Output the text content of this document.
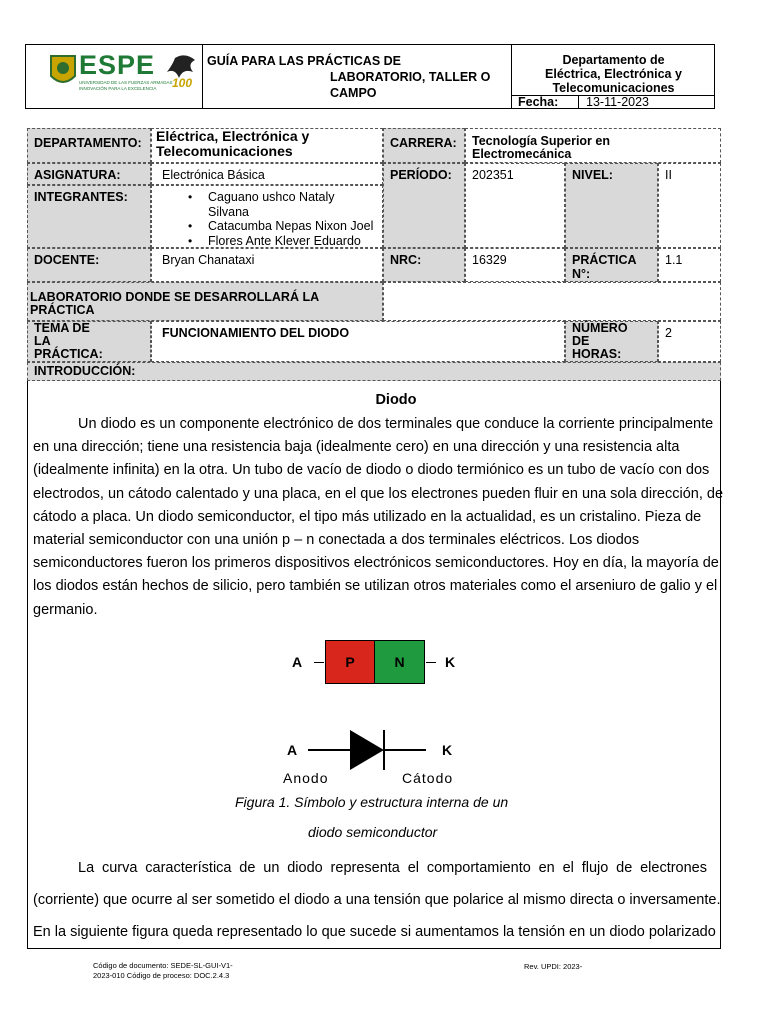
ESPE
UNIVERSIDAD DE LAS FUERZAS ARMADAS
INNOVACIÓN PARA LA EXCELENCIA 100
GUÍA PARA LAS PRÁCTICAS DE
LABORATORIO, TALLER O
CAMPO
Departamento de
Eléctrica, Electrónica y
Telecomunicaciones
Fecha: 13-11-2023
DEPARTAMENTO:	Eléctrica, Electrónica y
Telecomunicaciones	CARRERA:	Tecnología Superior en
Electromecánica
ASIGNATURA:	Electrónica Básica	PERÍODO:	202351	NIVEL:	II
INTEGRANTES:
•	Caguano ushco Nataly
Silvana
• Catacumba Nepas Nixon Joel
• Flores Ante Klever Eduardo
DOCENTE:	Bryan Chanataxi	NRC:	16329	PRÁCTICA
N°:
1.1
LABORATORIO DONDE SE DESARROLLARÁ LA
PRÁCTICA
TEMA DE
LA
PRÁCTICA:
FUNCIONAMIENTO DEL DIODO	NÚMERO
DE
HORAS:
2
INTRODUCCIÓN:
Diodo
Un diodo es un componente electrónico de dos terminales que conduce la corriente principalmente
en una dirección; tiene una resistencia baja (idealmente cero) en una dirección y una resistencia alta
(idealmente infinita) en la otra. Un tubo de vacío de diodo o diodo termiónico es un tubo de vacío con dos
electrodos, un cátodo calentado y una placa, en el que los electrones pueden fluir en una sola dirección, de
cátodo a placa. Un diodo semiconductor, el tipo más utilizado en la actualidad, es un cristalino. Pieza de
material semiconductor con una unión p – n conectada a dos terminales eléctricos. Los diodos
semiconductores fueron los primeros dispositivos electrónicos semiconductores. Hoy en día, la mayoría de
los diodos están hechos de silicio, pero también se utilizan otros materiales como el arseniuro de galio y el
germanio.
A	P	N	K
A	K
Anodo	Cátodo
Figura 1. Símbolo y estructura interna de un
diodo semiconductor
La curva característica de un diodo representa el comportamiento en el flujo de electrones
(corriente) que ocurre al ser sometido el diodo a una tensión que polarice al mismo directa o inversamente.
En la siguiente figura queda representado lo que sucede si aumentamos la tensión en un diodo polarizado
Código de documento: SEDE-SL-GUI-V1-
2023-010 Código de proceso: DOC.2.4.3
Rev. UPDI: 2023-
